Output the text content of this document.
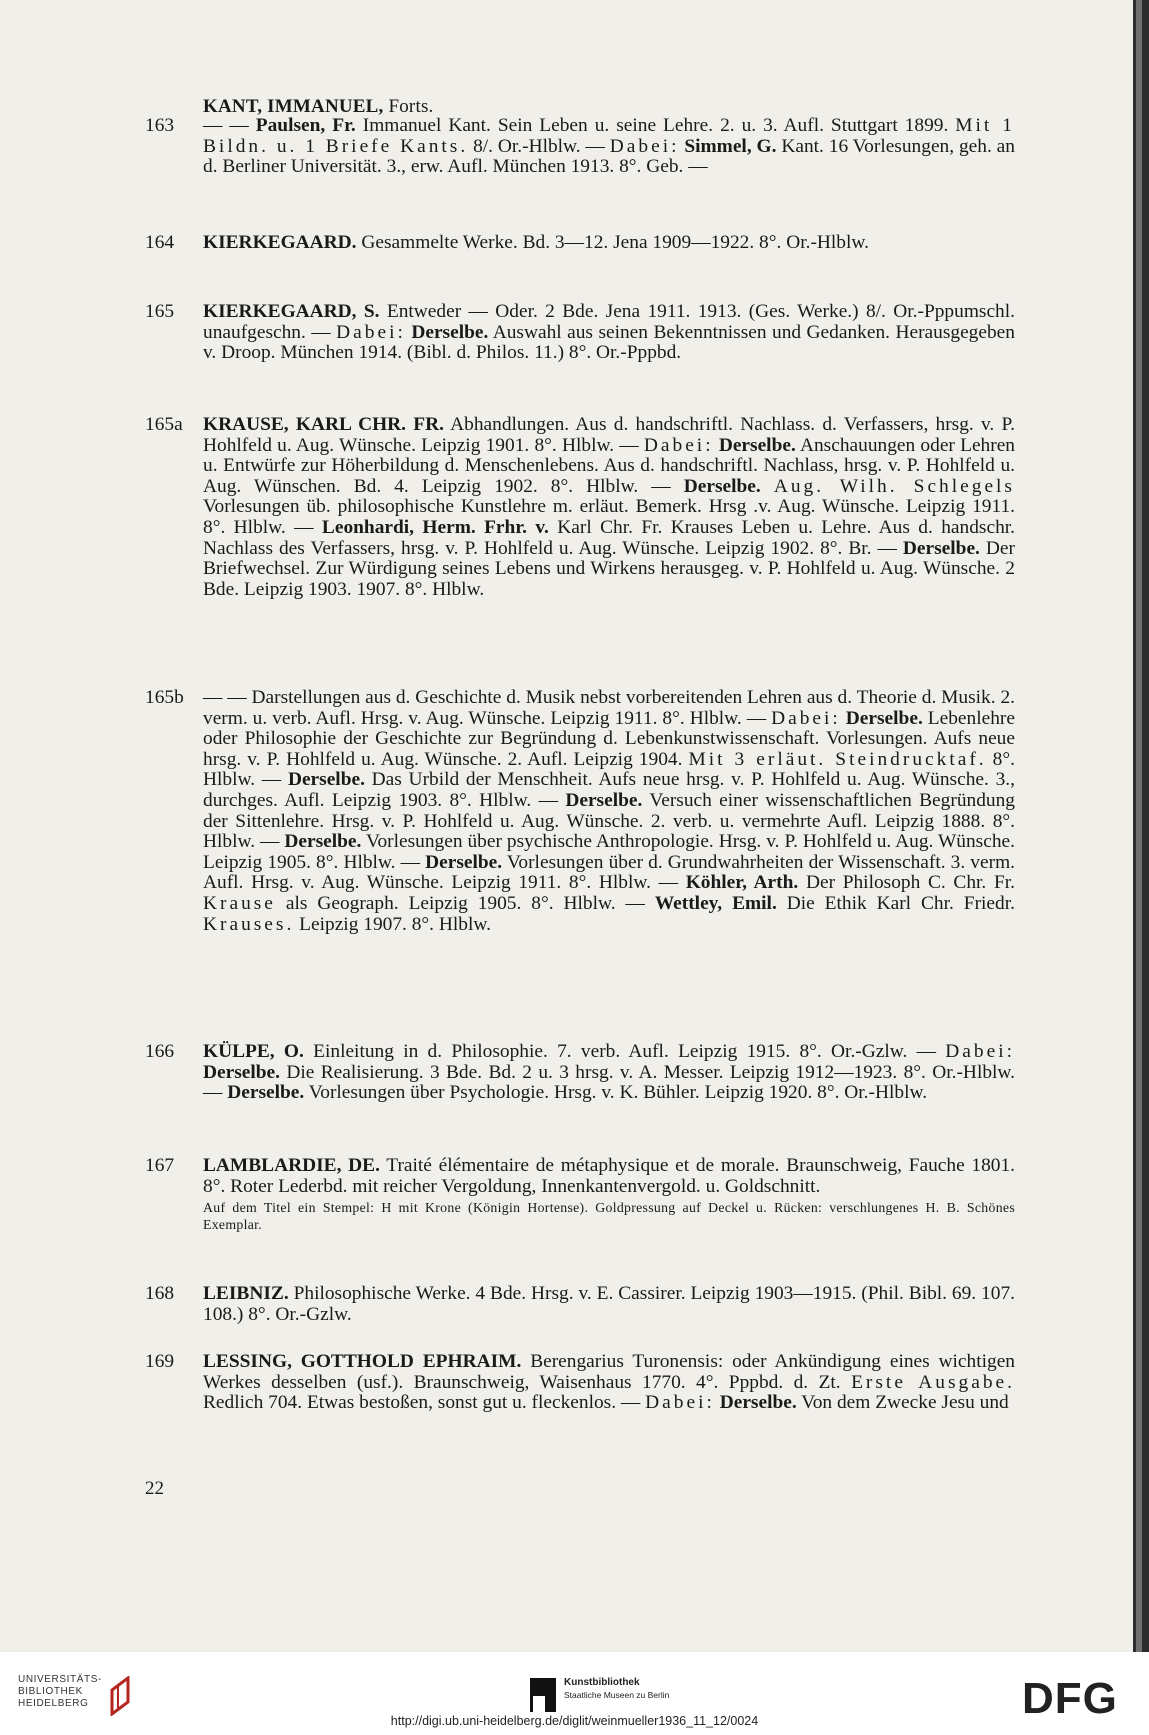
KANT, IMMANUEL, Forts.
163	— — Paulsen, Fr. Immanuel Kant. Sein Leben u. seine Lehre. 2. u. 3. Aufl. Stuttgart 1899. Mit 1 Bildn. u. 1 Briefe Kants. 8/. Or.-Hlblw. — Dabei: Simmel, G. Kant. 16 Vorlesungen, geh. an d. Berliner Universität. 3., erw. Aufl. München 1913. 8°. Geb. —
164	KIERKEGAARD. Gesammelte Werke. Bd. 3—12. Jena 1909—1922. 8°. Or.-Hlblw.
165	KIERKEGAARD, S. Entweder — Oder. 2 Bde. Jena 1911. 1913. (Ges. Werke.) 8/. Or.-Pppumschl. unaufgeschn. — Dabei: Derselbe. Auswahl aus seinen Bekenntnissen und Gedanken. Herausgegeben v. Droop. München 1914. (Bibl. d. Philos. 11.) 8°. Or.-Pppbd.
165a	KRAUSE, KARL CHR. FR. Abhandlungen. Aus d. handschriftl. Nachlass. d. Verfassers, hrsg. v. P. Hohlfeld u. Aug. Wünsche. Leipzig 1901. 8°. Hlblw. — Dabei: Derselbe. Anschauungen oder Lehren u. Entwürfe zur Höherbildung d. Menschenlebens. Aus d. handschriftl. Nachlass, hrsg. v. P. Hohlfeld u. Aug. Wünschen. Bd. 4. Leipzig 1902. 8°. Hlblw. — Derselbe. Aug. Wilh. Schlegels Vorlesungen üb. philosophische Kunstlehre m. erläut. Bemerk. Hrsg .v. Aug. Wünsche. Leipzig 1911. 8°. Hlblw. — Leonhardi, Herm. Frhr. v. Karl Chr. Fr. Krauses Leben u. Lehre. Aus d. handschr. Nachlass des Verfassers, hrsg. v. P. Hohlfeld u. Aug. Wünsche. Leipzig 1902. 8°. Br. — Derselbe. Der Briefwechsel. Zur Würdigung seines Lebens und Wirkens herausgeg. v. P. Hohlfeld u. Aug. Wünsche. 2 Bde. Leipzig 1903. 1907. 8°. Hlblw.
165b — — Darstellungen aus d. Geschichte d. Musik nebst vorbereitenden Lehren aus d. Theorie d. Musik. 2. verm. u. verb. Aufl. Hrsg. v. Aug. Wünsche. Leipzig 1911. 8°. Hlblw. — Dabei: Derselbe. Lebenlehre oder Philosophie der Geschichte zur Begründung d. Lebenkunstwissenschaft. Vorlesungen. Aufs neue hrsg. v. P. Hohlfeld u. Aug. Wünsche. 2. Aufl. Leipzig 1904. Mit 3 erläut. Steindrucktaf. 8°. Hlblw. — Derselbe. Das Urbild der Menschheit. Aufs neue hrsg. v. P. Hohlfeld u. Aug. Wünsche. 3., durchges. Aufl. Leipzig 1903. 8°. Hlblw. — Derselbe. Versuch einer wissenschaftlichen Begründung der Sittenlehre. Hrsg. v. P. Hohlfeld u. Aug. Wünsche. 2. verb. u. vermehrte Aufl. Leipzig 1888. 8°. Hlblw. — Derselbe. Vorlesungen über psychische Anthropologie. Hrsg. v. P. Hohlfeld u. Aug. Wünsche. Leipzig 1905. 8°. Hlblw. — Derselbe. Vorlesungen über d. Grundwahrheiten der Wissenschaft. 3. verm. Aufl. Hrsg. v. Aug. Wünsche. Leipzig 1911. 8°. Hlblw. — Köhler, Arth. Der Philosoph C. Chr. Fr. Krause als Geograph. Leipzig 1905. 8°. Hlblw. — Wettley, Emil. Die Ethik Karl Chr. Friedr. Krauses. Leipzig 1907. 8°. Hlblw.
166	KÜLPE, O. Einleitung in d. Philosophie. 7. verb. Aufl. Leipzig 1915. 8°. Or.-Gzlw. — Dabei: Derselbe. Die Realisierung. 3 Bde. Bd. 2 u. 3 hrsg. v. A. Messer. Leipzig 1912—1923. 8°. Or.-Hlblw. — Derselbe. Vorlesungen über Psychologie. Hrsg. v. K. Bühler. Leipzig 1920. 8°. Or.-Hlblw.
167	LAMBLARDIE, DE. Traité élémentaire de métaphysique et de morale. Braunschweig, Fauche 1801. 8°. Roter Lederbd. mit reicher Vergoldung, Innenkantenvergold. u. Goldschnitt.
Auf dem Titel ein Stempel: H mit Krone (Königin Hortense). Goldpressung auf Deckel u. Rücken: verschlungenes H. B. Schönes Exemplar.
168	LEIBNIZ. Philosophische Werke. 4 Bde. Hrsg. v. E. Cassirer. Leipzig 1903—1915. (Phil. Bibl. 69. 107. 108.) 8°. Or.-Gzlw.
169	LESSING, GOTTHOLD EPHRAIM. Berengarius Turonensis: oder Ankündigung eines wichtigen Werkes desselben (usf.). Braunschweig, Waisenhaus 1770. 4°. Pppbd. d. Zt. Erste Ausgabe. Redlich 704. Etwas bestoßen, sonst gut u. fleckenlos. — Dabei: Derselbe. Von dem Zwecke Jesu und
22
UNIVERSITÄTS-
BIBLIOTHEK
HEIDELBERG
Kunstbibliothek
Staatliche Museen zu Berlin	DFG
http://digi.ub.uni-heidelberg.de/diglit/weinmueller1936_11_12/0024
